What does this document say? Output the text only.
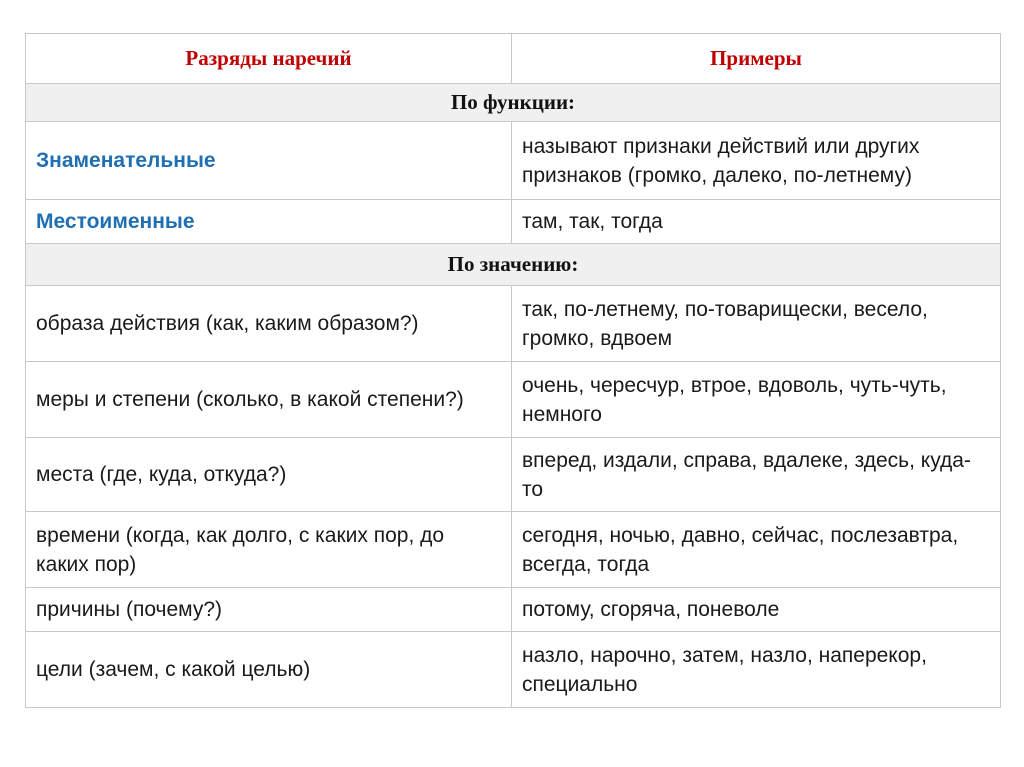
Разряды наречий	Примеры
По функции:	
Знаменательные	называют признаки действий или других признаков (громко, далеко, по-летнему)
Местоименные	там, так, тогда
По значению:	
образа действия (как, каким образом?)	так, по-летнему, по-товарищески, весело, громко, вдвоем
меры и степени (сколько, в какой степени?)	очень, чересчур, втрое, вдоволь, чуть-чуть, немного
места (где, куда, откуда?)	вперед, издали, справа, вдалеке, здесь, куда-то
времени (когда, как долго, с каких пор, до каких пор)	сегодня, ночью, давно, сейчас, послезавтра, всегда, тогда
причины (почему?)	потому, сгоряча, поневоле
цели (зачем, с какой целью)	назло, нарочно, затем, назло, наперекор, специально
